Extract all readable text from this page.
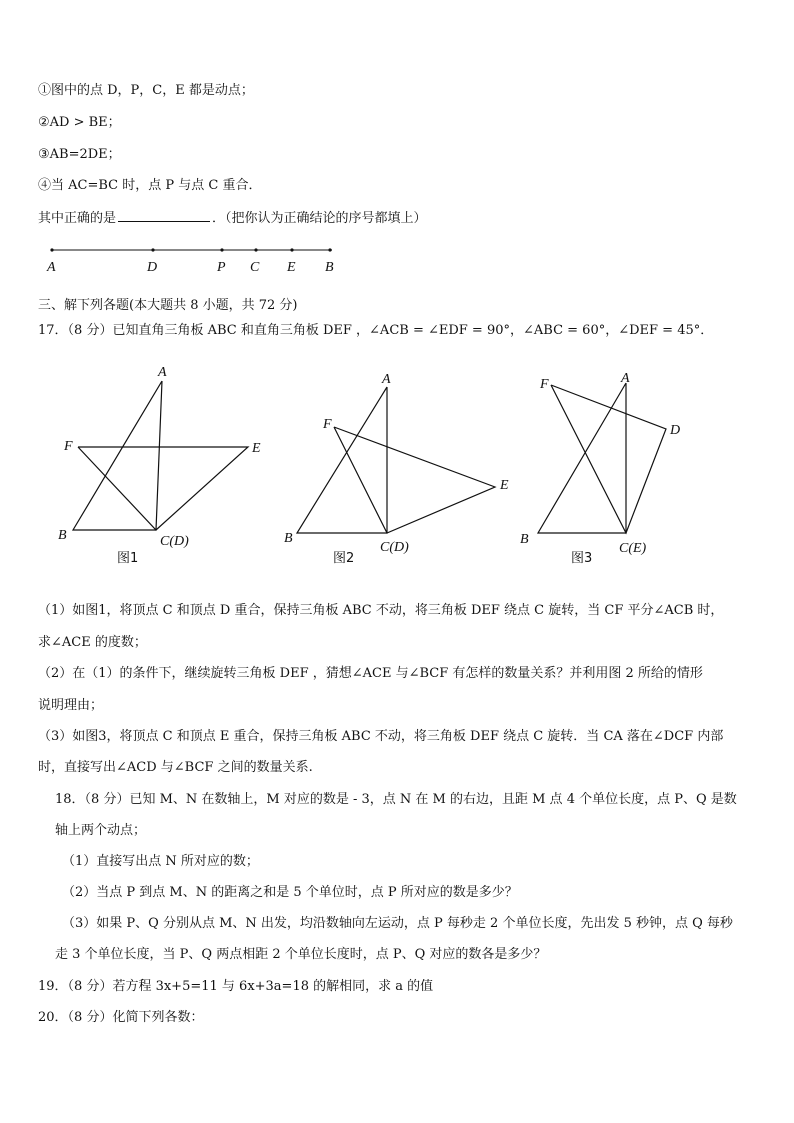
①图中的点 D，P，C，E 都是动点；
②AD > BE；
③AB=2DE；
④当 AC=BC 时，点 P 与点 C 重合．
其中正确的是	．（把你认为正确结论的序号都填上）
A	D	P C E B
三、解下列各题(本大题共 8 小题，共 72 分)
17．（8 分）已知直角三角板 ABC 和直角三角板 DEF ，∠ACB = ∠EDF = 90°，∠ABC = 60°，∠DEF = 45°．
A
F	E
B	C(D)
图1
A
F
E
B
C(D)
图2
F	A
D
B
C(E)
图3
（1）如图1，将顶点 C 和顶点 D 重合，保持三角板 ABC 不动，将三角板 DEF 绕点 C 旋转，当 CF 平分∠ACB 时，
求∠ACE 的度数；
（2）在（1）的条件下，继续旋转三角板 DEF ，猜想∠ACE 与∠BCF 有怎样的数量关系？并利用图 2 所给的情形
说明理由；
（3）如图3，将顶点 C 和顶点 E 重合，保持三角板 ABC 不动，将三角板 DEF 绕点 C 旋转．当 CA 落在∠DCF 内部
时，直接写出∠ACD 与∠BCF 之间的数量关系.
18．（8 分）已知 M、N 在数轴上，M 对应的数是 - 3，点 N 在 M 的右边，且距 M 点 4 个单位长度，点 P、Q 是数
轴上两个动点；
（1）直接写出点 N 所对应的数；
（2）当点 P 到点 M、N 的距离之和是 5 个单位时，点 P 所对应的数是多少？
（3）如果 P、Q 分别从点 M、N 出发，均沿数轴向左运动，点 P 每秒走 2 个单位长度，先出发 5 秒钟，点 Q 每秒
走 3 个单位长度，当 P、Q 两点相距 2 个单位长度时，点 P、Q 对应的数各是多少？
19．（8 分）若方程 3x+5=11 与 6x+3a=18 的解相同，求 a 的值
20．（8 分）化简下列各数：
